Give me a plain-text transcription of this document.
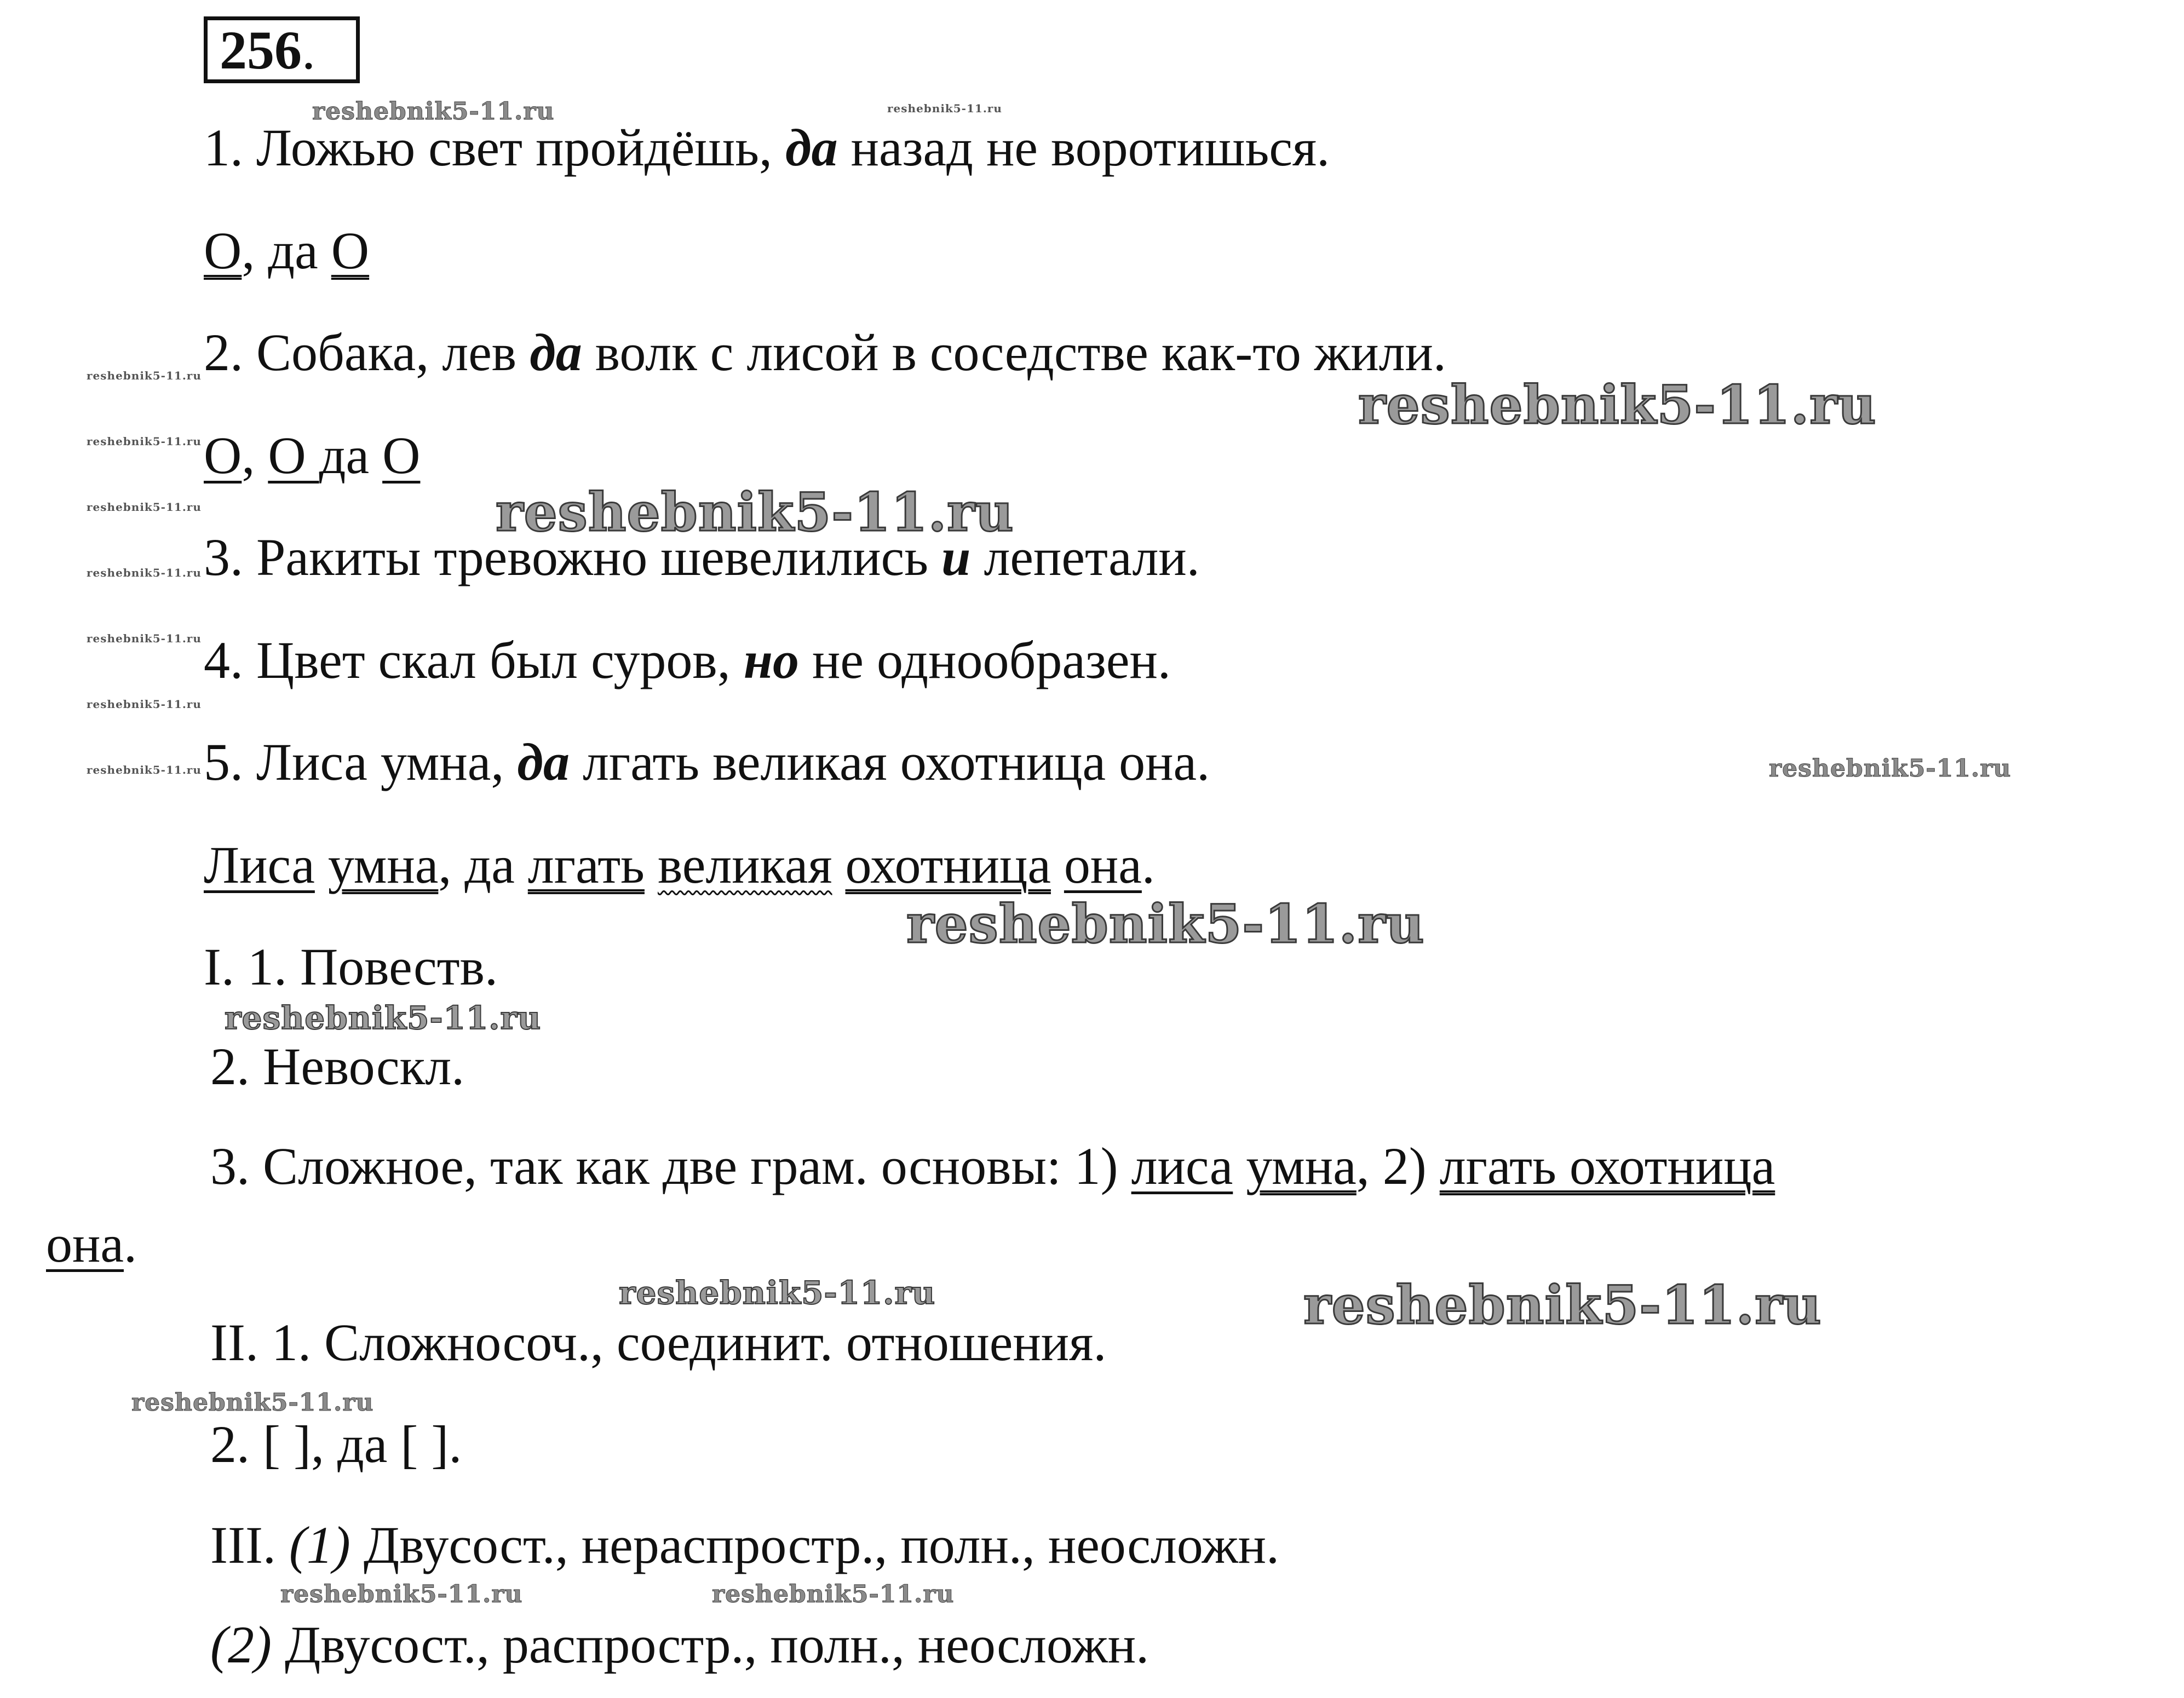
256.
1. Ложью свет пройдёшь, да назад не воротишься.
О, да О
2. Собака, лев да волк с лисой в соседстве как-то жили.
О, О да О
3. Ракиты тревожно шевелились и лепетали.
4. Цвет скал был суров, но не однообразен.
5. Лиса умна, да лгать великая охотница она.
Лиса умна, да лгать великая охотница она.
I. 1. Повеств.
2. Невоскл.
3. Сложное, так как две грам. основы: 1) лиса умна, 2) лгать охотница
она.
II. 1. Сложносоч., соединит. отношения.
2. [ ], да [ ].
III. (1) Двусост., нераспростр., полн., неосложн.
(2) Двусост., распростр., полн., неосложн.
reshebnik5-11.ru	reshebnik5-11.ru
reshebnik5-11.ru
reshebnik5-11.ru
reshebnik5-11.ru
reshebnik5-11.ru
reshebnik5-11.ru
reshebnik5-11.ru	reshebnik5-11.ru
reshebnik5-11.ru
reshebnik5-11.ru	reshebnik5-11.ru
reshebnik5-11.ru
reshebnik5-11.ru
reshebnik5-11.ru
reshebnik5-11.ru
reshebnik5-11.ru
reshebnik5-11.ru
reshebnik5-11.ru
